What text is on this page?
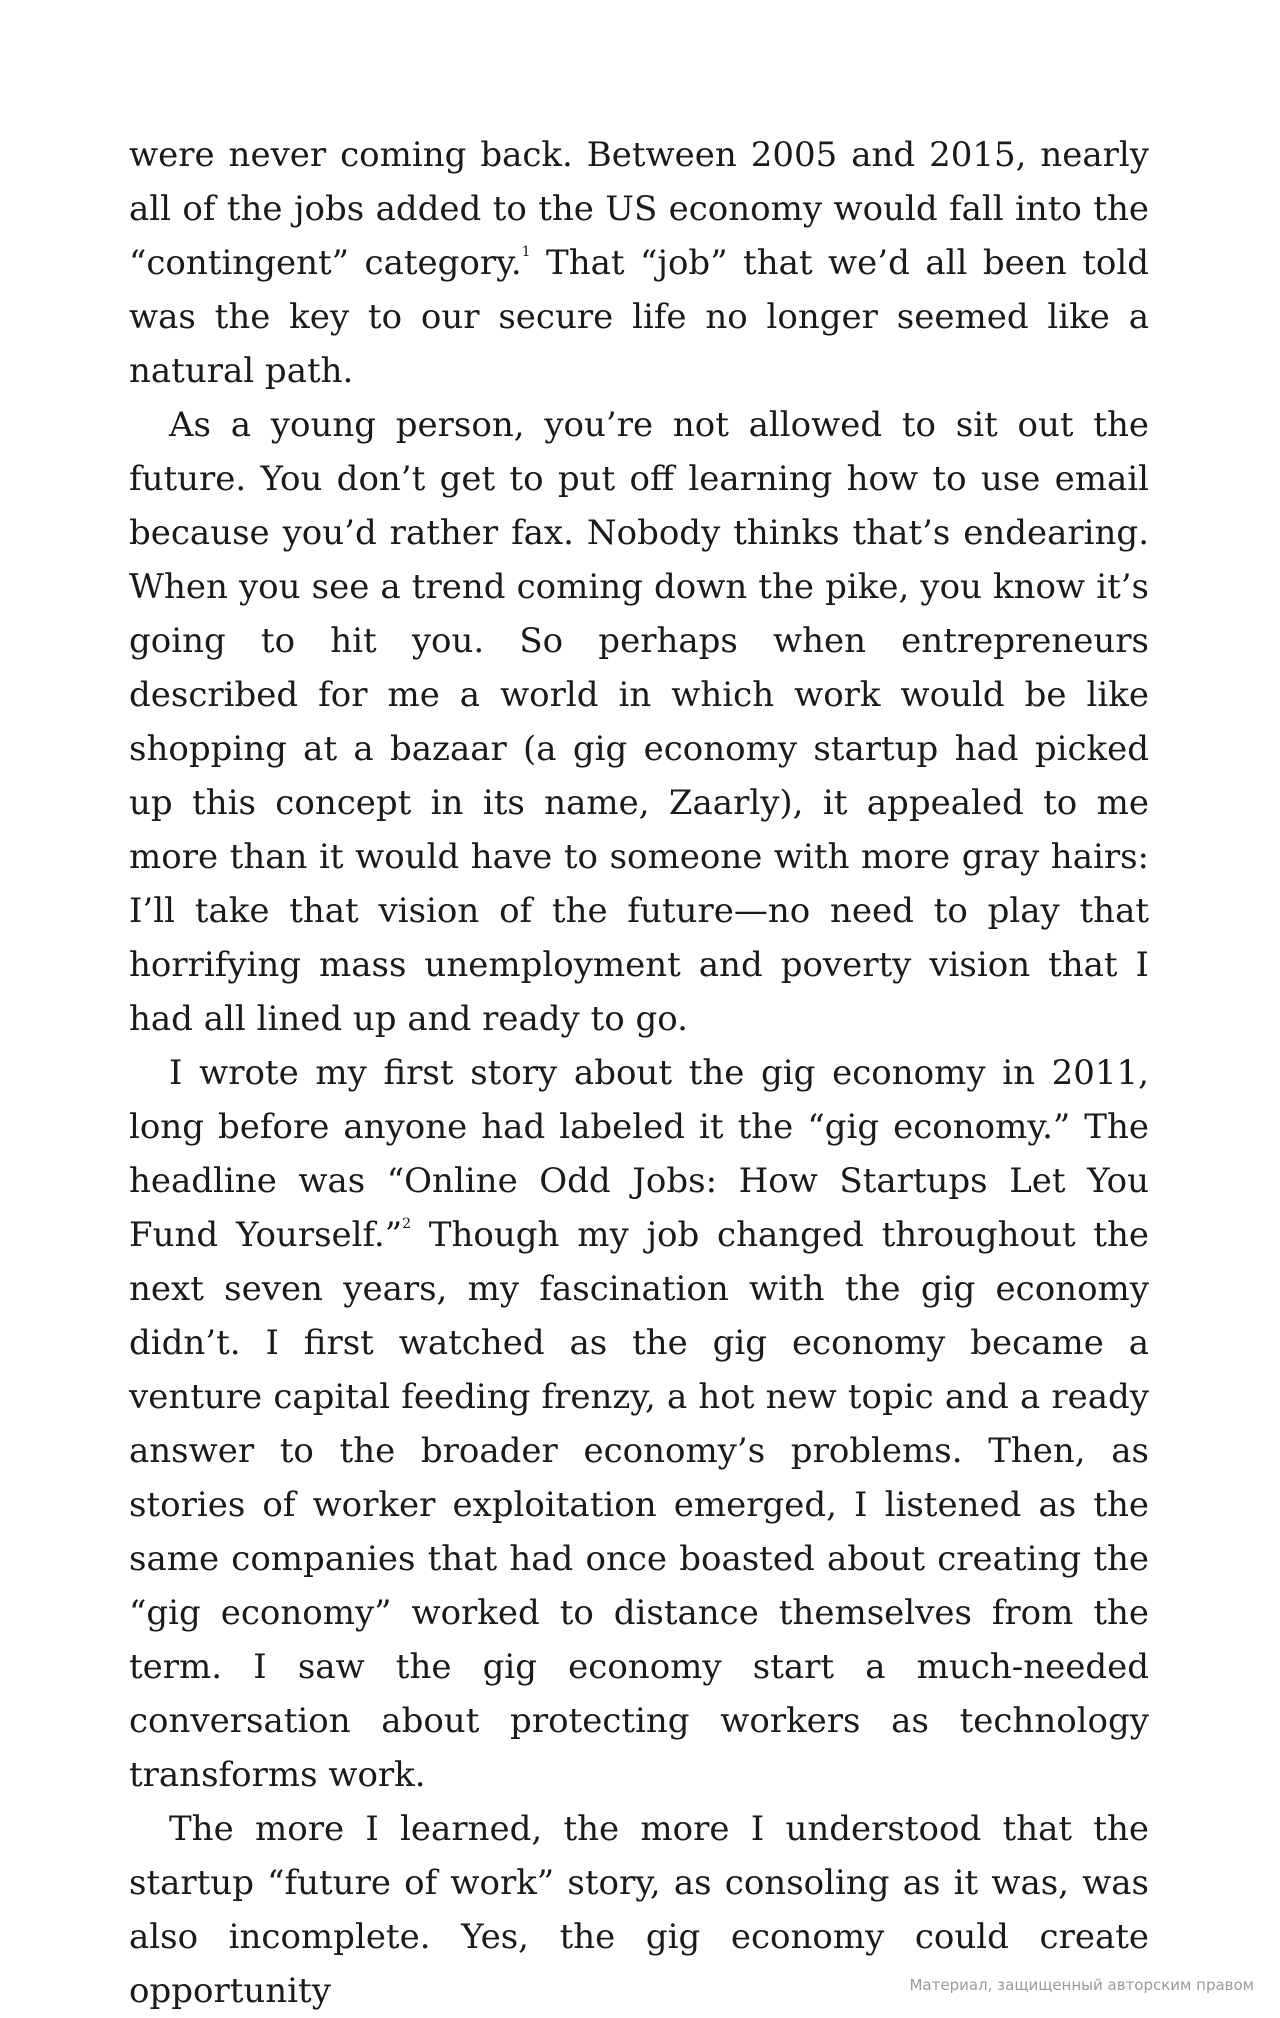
were never coming back. Between 2005 and 2015, nearly all of the jobs added to the US economy would fall into the “contingent” category.$^1$ That “job” that we’d all been told was the key to our secure life no longer seemed like a natural path.

As a young person, you’re not allowed to sit out the future. You don’t get to put off learning how to use email because you’d rather fax. Nobody thinks that’s endearing. When you see a trend coming down the pike, you know it’s going to hit you. So perhaps when entrepreneurs described for me a world in which work would be like shopping at a bazaar (a gig economy startup had picked up this concept in its name, Zaarly), it appealed to me more than it would have to someone with more gray hairs: I’ll take that vision of the future—no need to play that horrifying mass unemployment and poverty vision that I had all lined up and ready to go.

I wrote my first story about the gig economy in 2011, long before anyone had labeled it the “gig economy.” The headline was “Online Odd Jobs: How Startups Let You Fund Yourself.”$^2$ Though my job changed throughout the next seven years, my fascination with the gig economy didn’t. I first watched as the gig economy became a venture capital feeding frenzy, a hot new topic and a ready answer to the broader economy’s problems. Then, as stories of worker exploitation emerged, I listened as the same companies that had once boasted about creating the “gig economy” worked to distance themselves from the term. I saw the gig economy start a much-needed conversation about protecting workers as technology transforms work.

The more I learned, the more I understood that the startup “future of work” story, as consoling as it was, was also incomplete. Yes, the gig economy could create opportunity	Материал, защищенный авторским правом
